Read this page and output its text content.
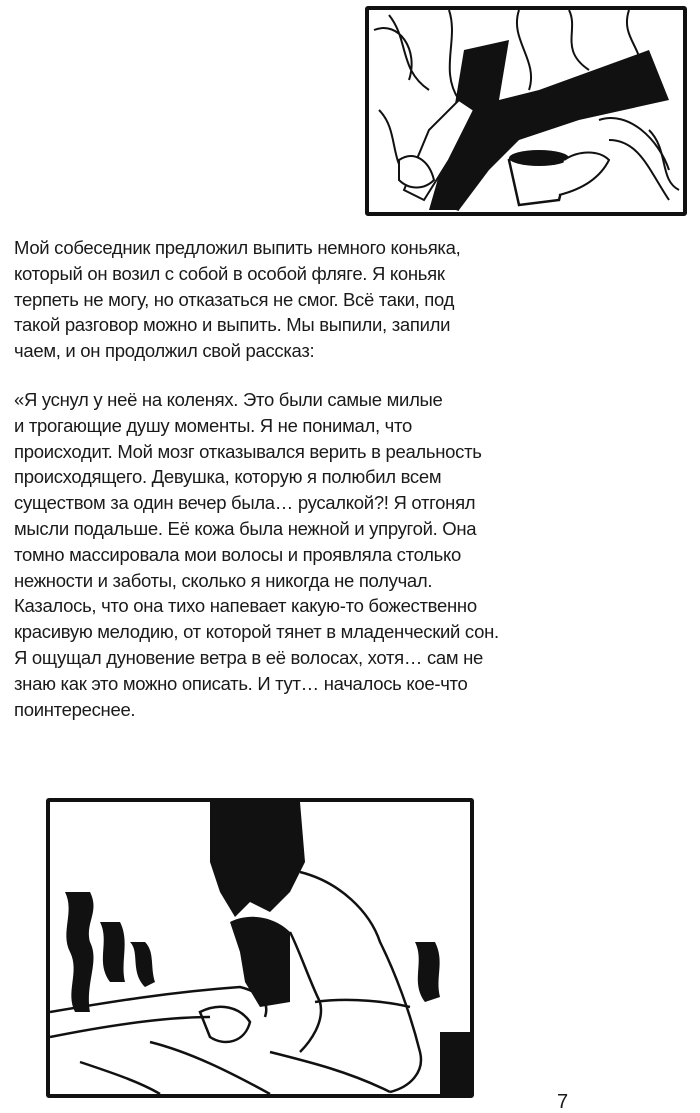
Мой собеседник предложил выпить немного коньяка,
который он возил с собой в особой фляге. Я коньяк
терпеть не могу, но отказаться не смог. Всё таки, под
такой разговор можно и выпить. Мы выпили, запили
чаем, и он продолжил свой рассказ:
«Я уснул у неё на коленях. Это были самые милые
и трогающие душу моменты. Я не понимал, что
происходит. Мой мозг отказывался верить в реальность
происходящего. Девушка, которую я полюбил всем
существом за один вечер была… русалкой?! Я отгонял
мысли подальше. Её кожа была нежной и упругой. Она
томно массировала мои волосы и проявляла столько
нежности и заботы, сколько я никогда не получал.
Казалось, что она тихо напевает какую-то божественно
красивую мелодию, от которой тянет в младенческий сон.
Я ощущал дуновение ветра в её волосах, хотя… сам не
знаю как это можно описать. И тут… началось кое-что
поинтереснее.
7
